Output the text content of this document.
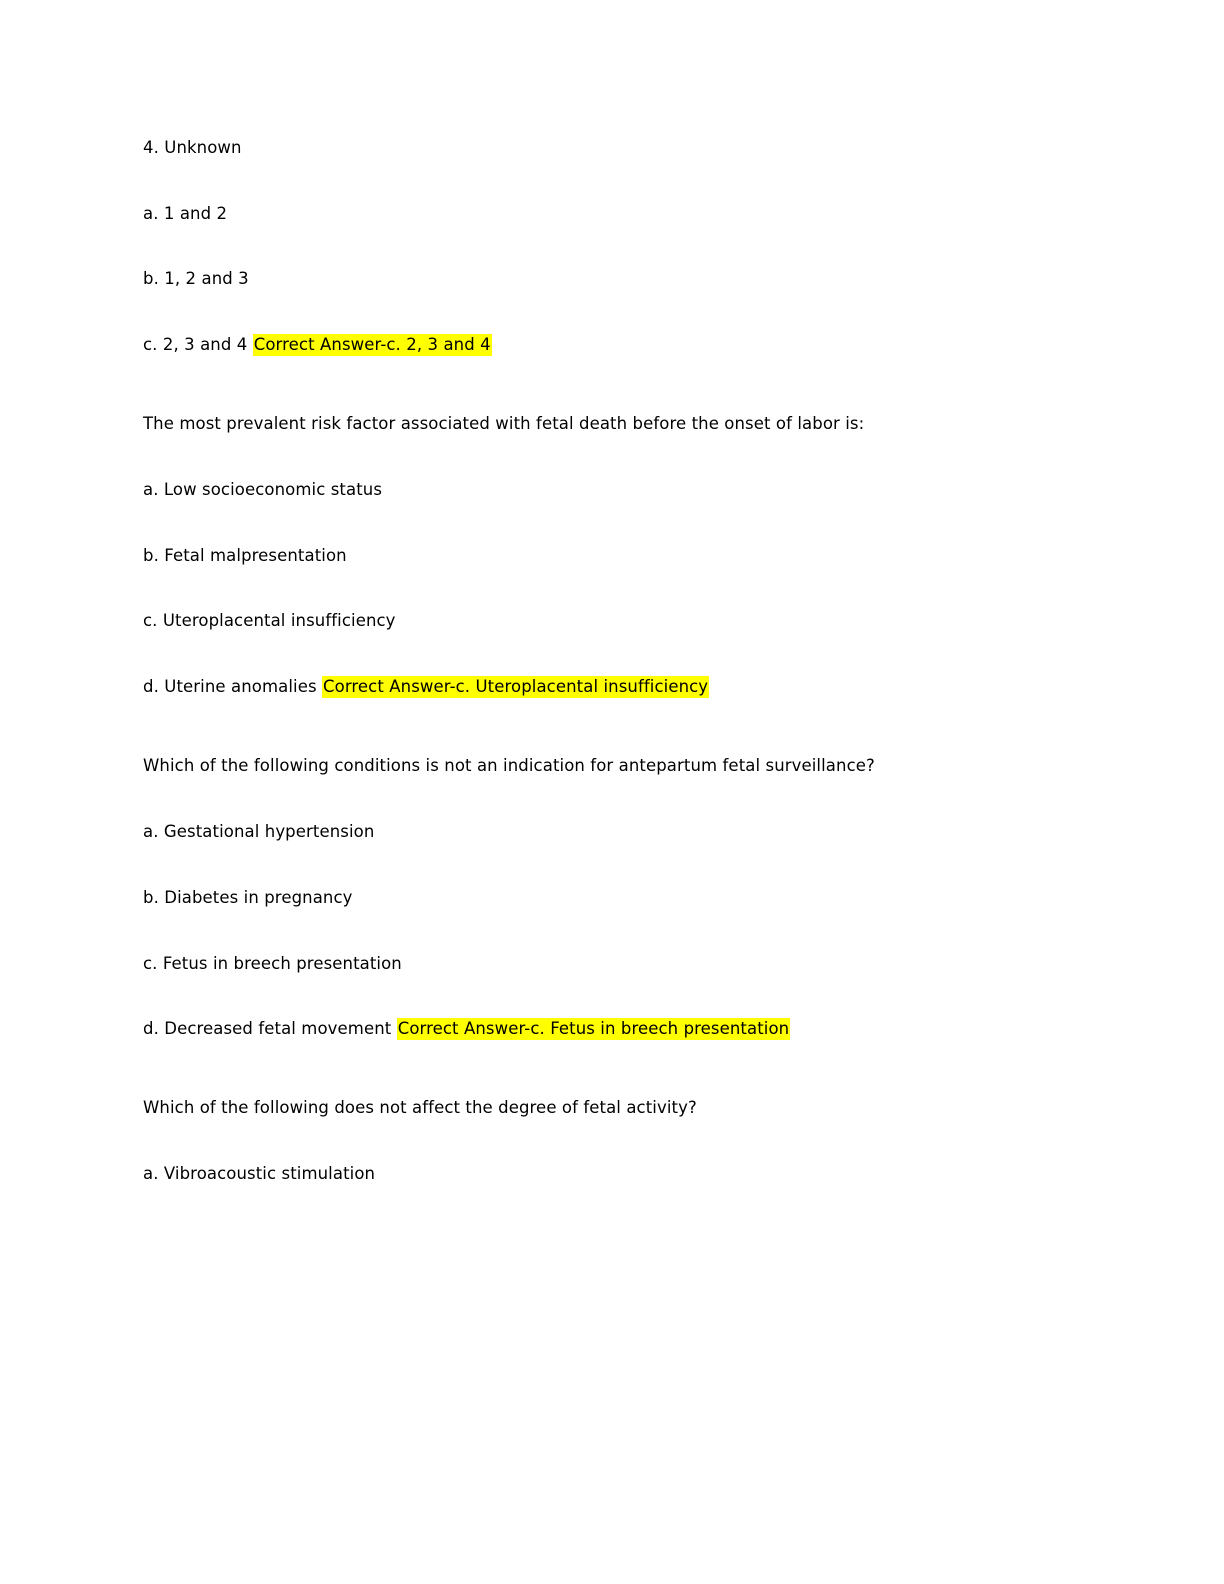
4. Unknown

a. 1 and 2

b. 1, 2 and 3

c. 2, 3 and 4 Correct Answer-c. 2, 3 and 4

The most prevalent risk factor associated with fetal death before the onset of labor is:

a. Low socioeconomic status

b. Fetal malpresentation

c. Uteroplacental insufficiency

d. Uterine anomalies Correct Answer-c. Uteroplacental insufficiency

Which of the following conditions is not an indication for antepartum fetal surveillance?

a. Gestational hypertension

b. Diabetes in pregnancy

c. Fetus in breech presentation

d. Decreased fetal movement Correct Answer-c. Fetus in breech presentation

Which of the following does not affect the degree of fetal activity?

a. Vibroacoustic stimulation
